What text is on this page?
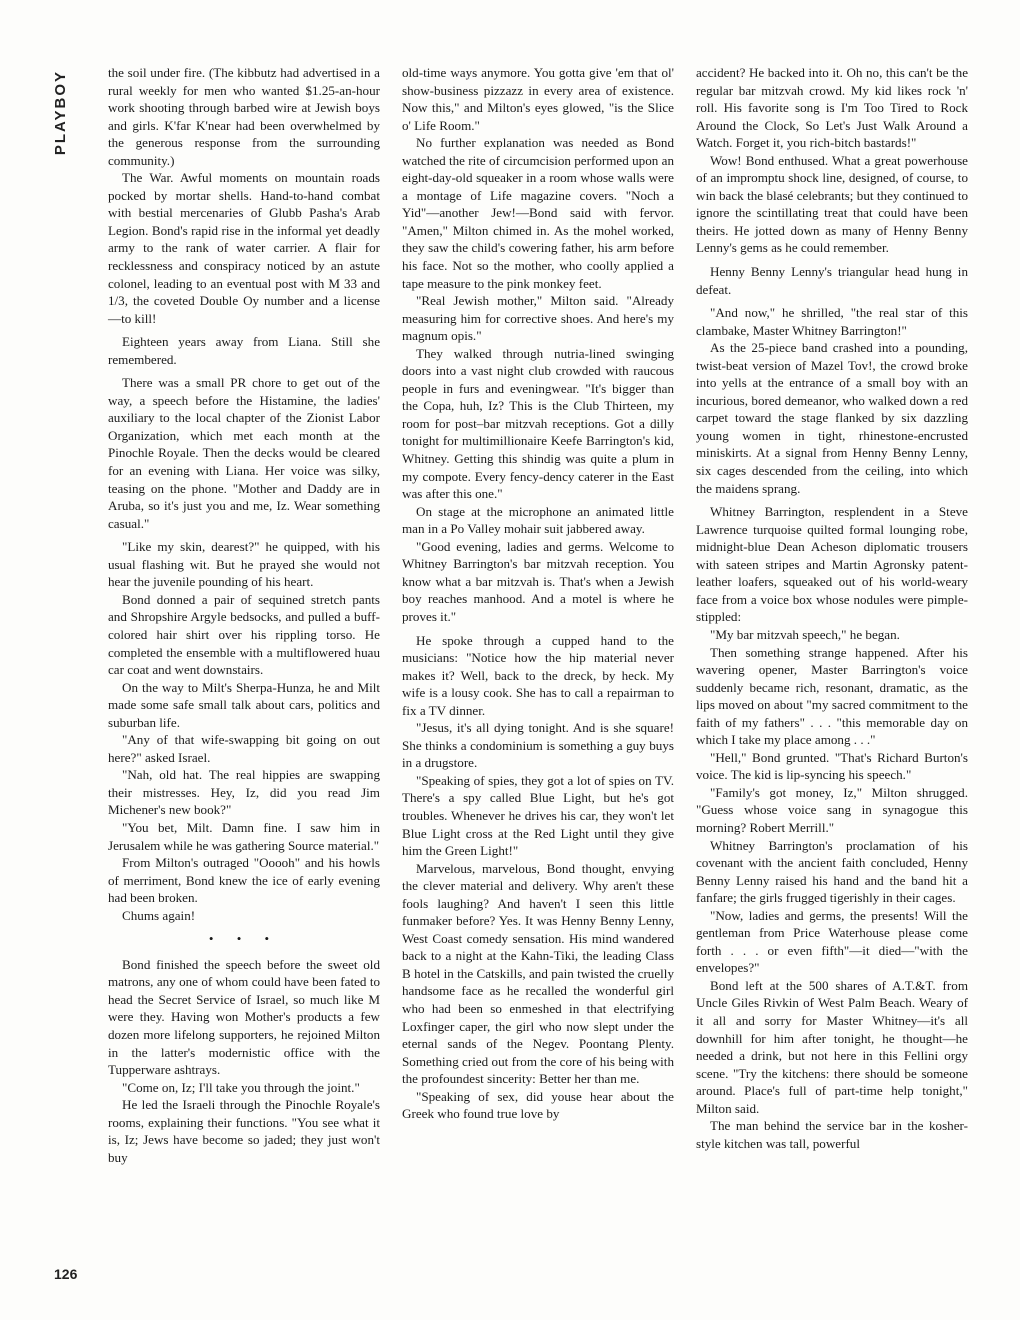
PLAYBOY
126

the soil under fire. (The kibbutz had advertised in a rural weekly for men who wanted $1.25-an-hour work shooting through barbed wire at Jewish boys and girls. K'far K'near had been overwhelmed by the generous response from the surrounding community.)

The War. Awful moments on mountain roads pocked by mortar shells. Hand-to-hand combat with bestial mercenaries of Glubb Pasha's Arab Legion. Bond's rapid rise in the informal yet deadly army to the rank of water carrier. A flair for recklessness and conspiracy noticed by an astute colonel, leading to an eventual post with M 33 and 1/3, the coveted Double Oy number and a license —to kill!

Eighteen years away from Liana. Still she remembered.

There was a small PR chore to get out of the way, a speech before the Histamine, the ladies' auxiliary to the local chapter of the Zionist Labor Organization, which met each month at the Pinochle Royale. Then the decks would be cleared for an evening with Liana. Her voice was silky, teasing on the phone. "Mother and Daddy are in Aruba, so it's just you and me, Iz. Wear something casual."

"Like my skin, dearest?" he quipped, with his usual flashing wit. But he prayed she would not hear the juvenile pounding of his heart.

Bond donned a pair of sequined stretch pants and Shropshire Argyle bedsocks, and pulled a buff-colored hair shirt over his rippling torso. He completed the ensemble with a multiflowered huau car coat and went downstairs.

On the way to Milt's Sherpa-Hunza, he and Milt made some safe small talk about cars, politics and suburban life.

"Any of that wife-swapping bit going on out here?" asked Israel.

"Nah, old hat. The real hippies are swapping their mistresses. Hey, Iz, did you read Jim Michener's new book?"

"You bet, Milt. Damn fine. I saw him in Jerusalem while he was gathering Source material."

From Milton's outraged "Ooooh" and his howls of merriment, Bond knew the ice of early evening had been broken.

Chums again!

• • •

Bond finished the speech before the sweet old matrons, any one of whom could have been fated to head the Secret Service of Israel, so much like M were they. Having won Mother's products a few dozen more lifelong supporters, he rejoined Milton in the latter's modernistic office with the Tupperware ashtrays.

"Come on, Iz; I'll take you through the joint."

He led the Israeli through the Pinochle Royale's rooms, explaining their functions. "You see what it is, Iz; Jews have become so jaded; they just won't buy

old-time ways anymore. You gotta give 'em that ol' show-business pizzazz in every area of existence. Now this," and Milton's eyes glowed, "is the Slice o' Life Room."

No further explanation was needed as Bond watched the rite of circumcision performed upon an eight-day-old squeaker in a room whose walls were a montage of Life magazine covers. "Noch a Yid"—another Jew!—Bond said with fervor. "Amen," Milton chimed in. As the mohel worked, they saw the child's cowering father, his arm before his face. Not so the mother, who coolly applied a tape measure to the pink monkey feet.

"Real Jewish mother," Milton said. "Already measuring him for corrective shoes. And here's my magnum opis."

They walked through nutria-lined swinging doors into a vast night club crowded with raucous people in furs and eveningwear. "It's bigger than the Copa, huh, Iz? This is the Club Thirteen, my room for post–bar mitzvah receptions. Got a dilly tonight for multimillionaire Keefe Barrington's kid, Whitney. Getting this shindig was quite a plum in my compote. Every fency-dency caterer in the East was after this one."

On stage at the microphone an animated little man in a Po Valley mohair suit jabbered away.

"Good evening, ladies and germs. Welcome to Whitney Barrington's bar mitzvah reception. You know what a bar mitzvah is. That's when a Jewish boy reaches manhood. And a motel is where he proves it."

He spoke through a cupped hand to the musicians: "Notice how the hip material never makes it? Well, back to the dreck, by heck. My wife is a lousy cook. She has to call a repairman to fix a TV dinner.

"Jesus, it's all dying tonight. And is she square! She thinks a condominium is something a guy buys in a drugstore.

"Speaking of spies, they got a lot of spies on TV. There's a spy called Blue Light, but he's got troubles. Whenever he drives his car, they won't let Blue Light cross at the Red Light until they give him the Green Light!"

Marvelous, marvelous, Bond thought, envying the clever material and delivery. Why aren't these fools laughing? And haven't I seen this little funmaker before? Yes. It was Henny Benny Lenny, West Coast comedy sensation. His mind wandered back to a night at the Kahn-Tiki, the leading Class B hotel in the Catskills, and pain twisted the cruelly handsome face as he recalled the wonderful girl who had been so enmeshed in that electrifying Loxfinger caper, the girl who now slept under the eternal sands of the Negev. Poontang Plenty. Something cried out from the core of his being with the profoundest sincerity: Better her than me.

"Speaking of sex, did youse hear about the Greek who found true love by

accident? He backed into it. Oh no, this can't be the regular bar mitzvah crowd. My kid likes rock 'n' roll. His favorite song is I'm Too Tired to Rock Around the Clock, So Let's Just Walk Around a Watch. Forget it, you rich-bitch bastards!"

Wow! Bond enthused. What a great powerhouse of an impromptu shock line, designed, of course, to win back the blasé celebrants; but they continued to ignore the scintillating treat that could have been theirs. He jotted down as many of Henny Benny Lenny's gems as he could remember.

Henny Benny Lenny's triangular head hung in defeat.

"And now," he shrilled, "the real star of this clambake, Master Whitney Barrington!"

As the 25-piece band crashed into a pounding, twist-beat version of Mazel Tov!, the crowd broke into yells at the entrance of a small boy with an incurious, bored demeanor, who walked down a red carpet toward the stage flanked by six dazzling young women in tight, rhinestone-encrusted miniskirts. At a signal from Henny Benny Lenny, six cages descended from the ceiling, into which the maidens sprang.

Whitney Barrington, resplendent in a Steve Lawrence turquoise quilted formal lounging robe, midnight-blue Dean Acheson diplomatic trousers with sateen stripes and Martin Agronsky patent-leather loafers, squeaked out of his world-weary face from a voice box whose nodules were pimple-stippled:

"My bar mitzvah speech," he began.

Then something strange happened. After his wavering opener, Master Barrington's voice suddenly became rich, resonant, dramatic, as the lips moved on about "my sacred commitment to the faith of my fathers" . . . "this memorable day on which I take my place among . . ."

"Hell," Bond grunted. "That's Richard Burton's voice. The kid is lip-syncing his speech."

"Family's got money, Iz," Milton shrugged. "Guess whose voice sang in synagogue this morning? Robert Merrill."

Whitney Barrington's proclamation of his covenant with the ancient faith concluded, Henny Benny Lenny raised his hand and the band hit a fanfare; the girls frugged tigerishly in their cages.

"Now, ladies and germs, the presents! Will the gentleman from Price Waterhouse please come forth . . . or even fifth"—it died—"with the envelopes?"

Bond left at the 500 shares of A.T.&T. from Uncle Giles Rivkin of West Palm Beach. Weary of it all and sorry for Master Whitney—it's all downhill for him after tonight, he thought—he needed a drink, but not here in this Fellini orgy scene. "Try the kitchens: there should be someone around. Place's full of part-time help tonight," Milton said.

The man behind the service bar in the kosher-style kitchen was tall, powerful
